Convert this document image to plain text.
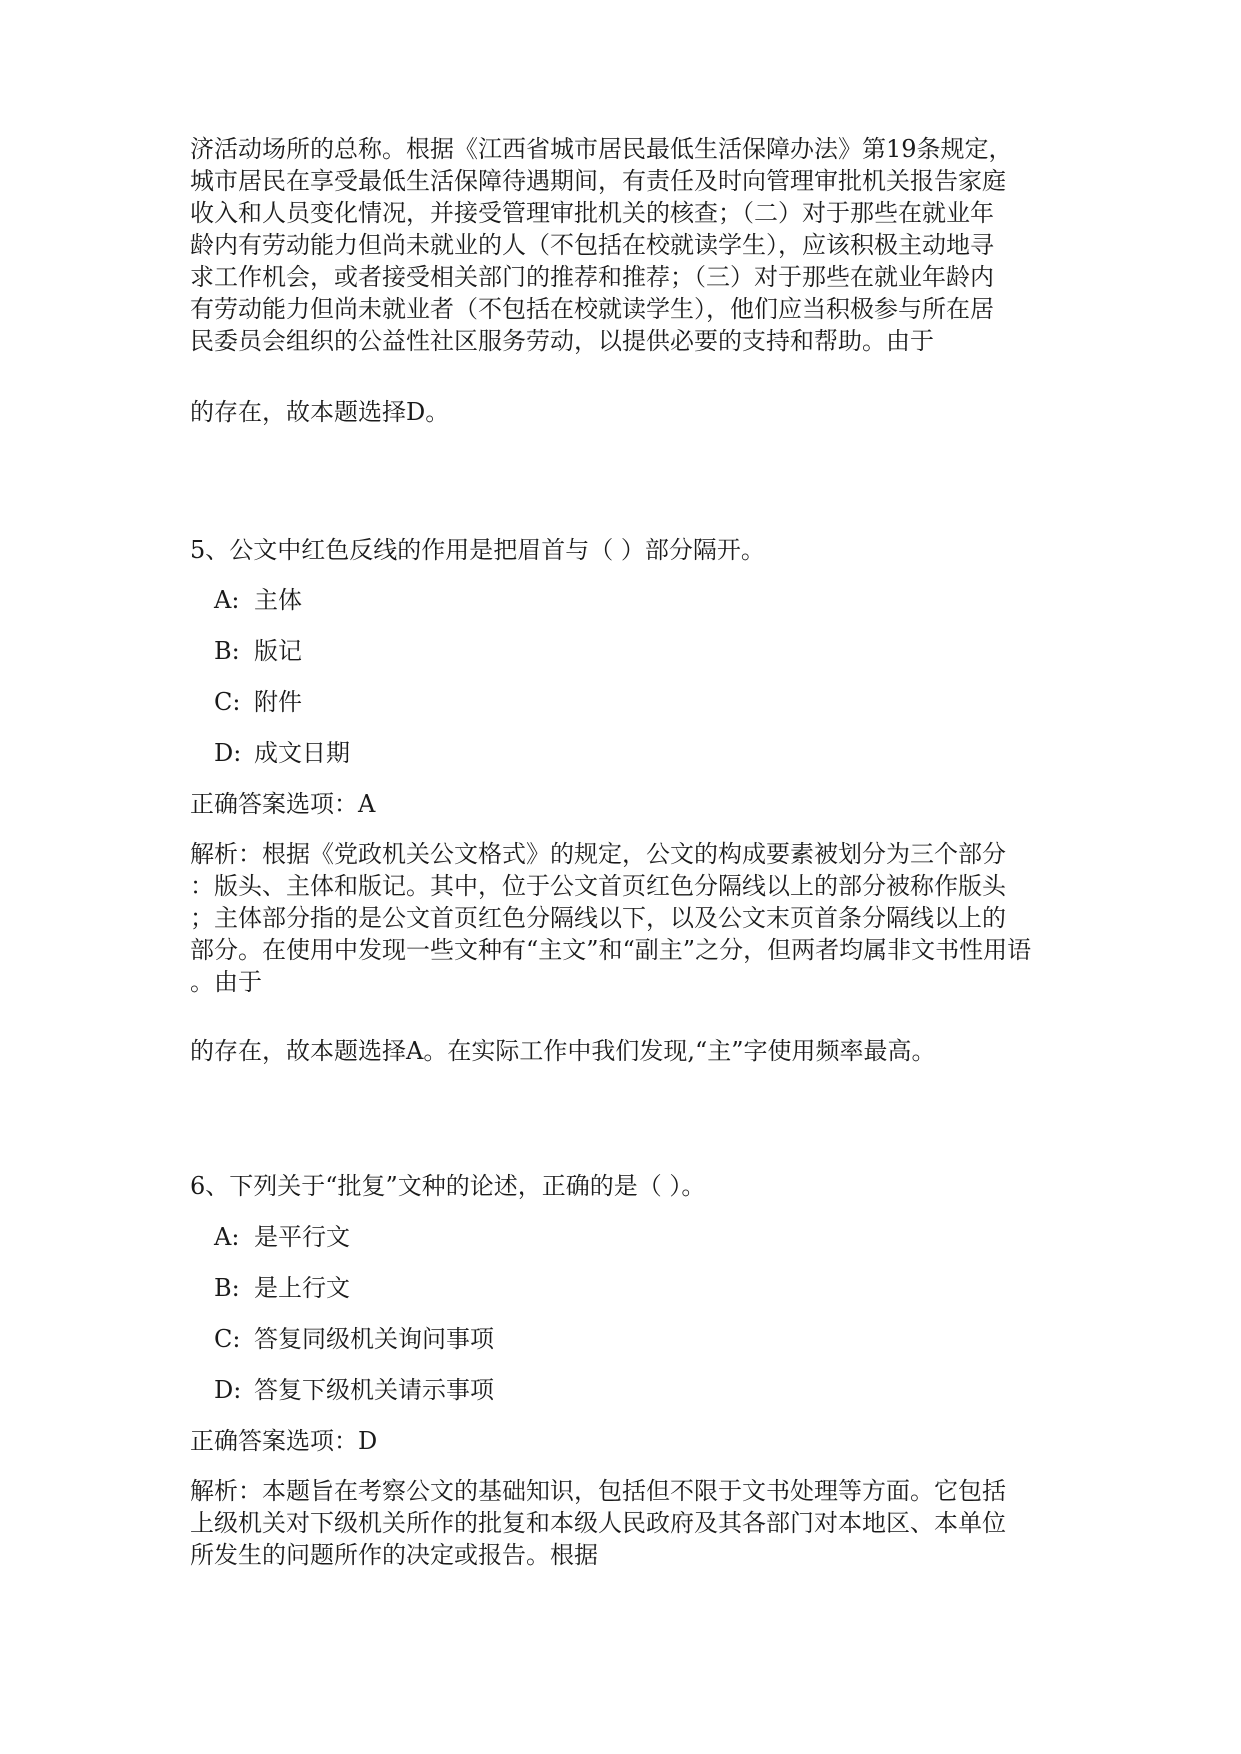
济活动场所的总称。根据《江西省城市居民最低生活保障办法》第19条规定，
城市居民在享受最低生活保障待遇期间，有责任及时向管理审批机关报告家庭
收入和人员变化情况，并接受管理审批机关的核查；（二）对于那些在就业年
龄内有劳动能力但尚未就业的人（不包括在校就读学生），应该积极主动地寻
求工作机会，或者接受相关部门的推荐和推荐；（三）对于那些在就业年龄内
有劳动能力但尚未就业者（不包括在校就读学生），他们应当积极参与所在居
民委员会组织的公益性社区服务劳动，以提供必要的支持和帮助。由于
的存在，故本题选择D。
5、公文中红色反线的作用是把眉首与（ ）部分隔开。
A: 主体
B: 版记
C: 附件
D: 成文日期
正确答案选项：A
解析：根据《党政机关公文格式》的规定，公文的构成要素被划分为三个部分
：版头、主体和版记。其中，位于公文首页红色分隔线以上的部分被称作版头
；主体部分指的是公文首页红色分隔线以下，以及公文末页首条分隔线以上的
部分。在使用中发现一些文种有“主文”和“副主”之分，但两者均属非文书性用语
。由于
的存在，故本题选择A。在实际工作中我们发现,“主”字使用频率最高。
6、下列关于“批复”文种的论述，正确的是（ ）。
A: 是平行文
B: 是上行文
C: 答复同级机关询问事项
D: 答复下级机关请示事项
正确答案选项：D
解析：本题旨在考察公文的基础知识，包括但不限于文书处理等方面。它包括
上级机关对下级机关所作的批复和本级人民政府及其各部门对本地区、本单位
所发生的问题所作的决定或报告。根据
